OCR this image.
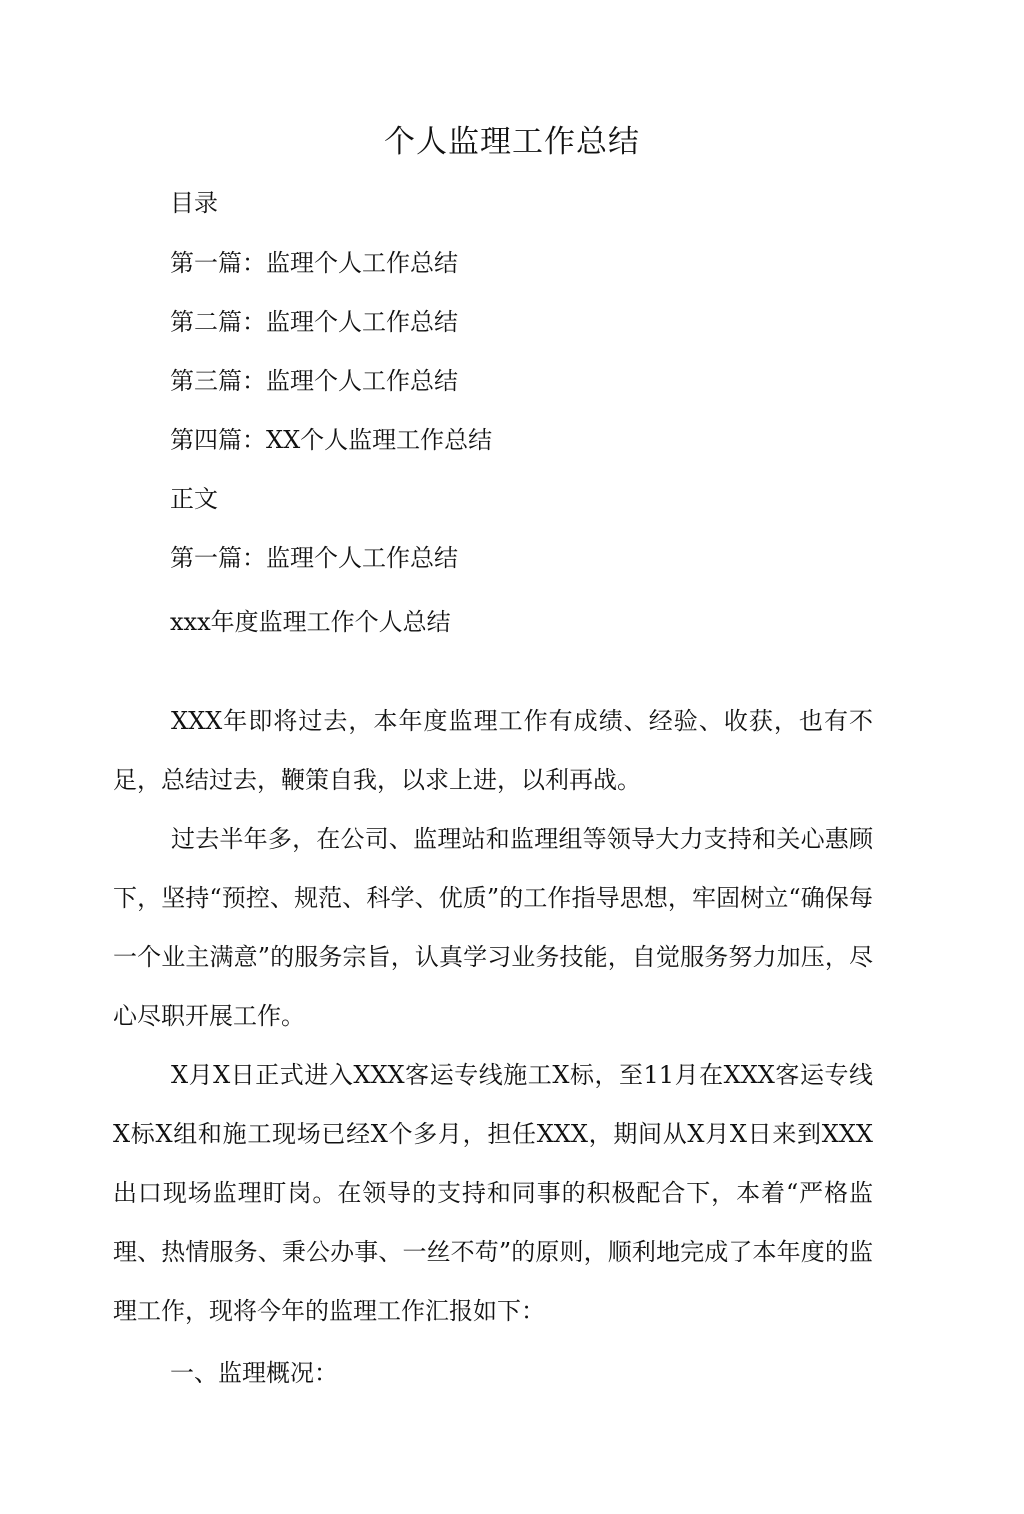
个人监理工作总结
目录
第一篇：监理个人工作总结
第二篇：监理个人工作总结
第三篇：监理个人工作总结
第四篇：XX个人监理工作总结
正文
第一篇：监理个人工作总结
xxx年度监理工作个人总结

XXX年即将过去，本年度监理工作有成绩、经验、收获，也有不足，总结过去，鞭策自我，以求上进，以利再战。

过去半年多，在公司、监理站和监理组等领导大力支持和关心惠顾下，坚持“预控、规范、科学、优质”的工作指导思想，牢固树立“确保每一个业主满意”的服务宗旨，认真学习业务技能，自觉服务努力加压，尽心尽职开展工作。

X月X日正式进入XXX客运专线施工X标，至11月在XXX客运专线X标X组和施工现场已经X个多月，担任XXX，期间从X月X日来到XXX出口现场监理盯岗。在领导的支持和同事的积极配合下，本着“严格监理、热情服务、秉公办事、一丝不苟”的原则，顺利地完成了本年度的监理工作，现将今年的监理工作汇报如下：

一、监理概况：
